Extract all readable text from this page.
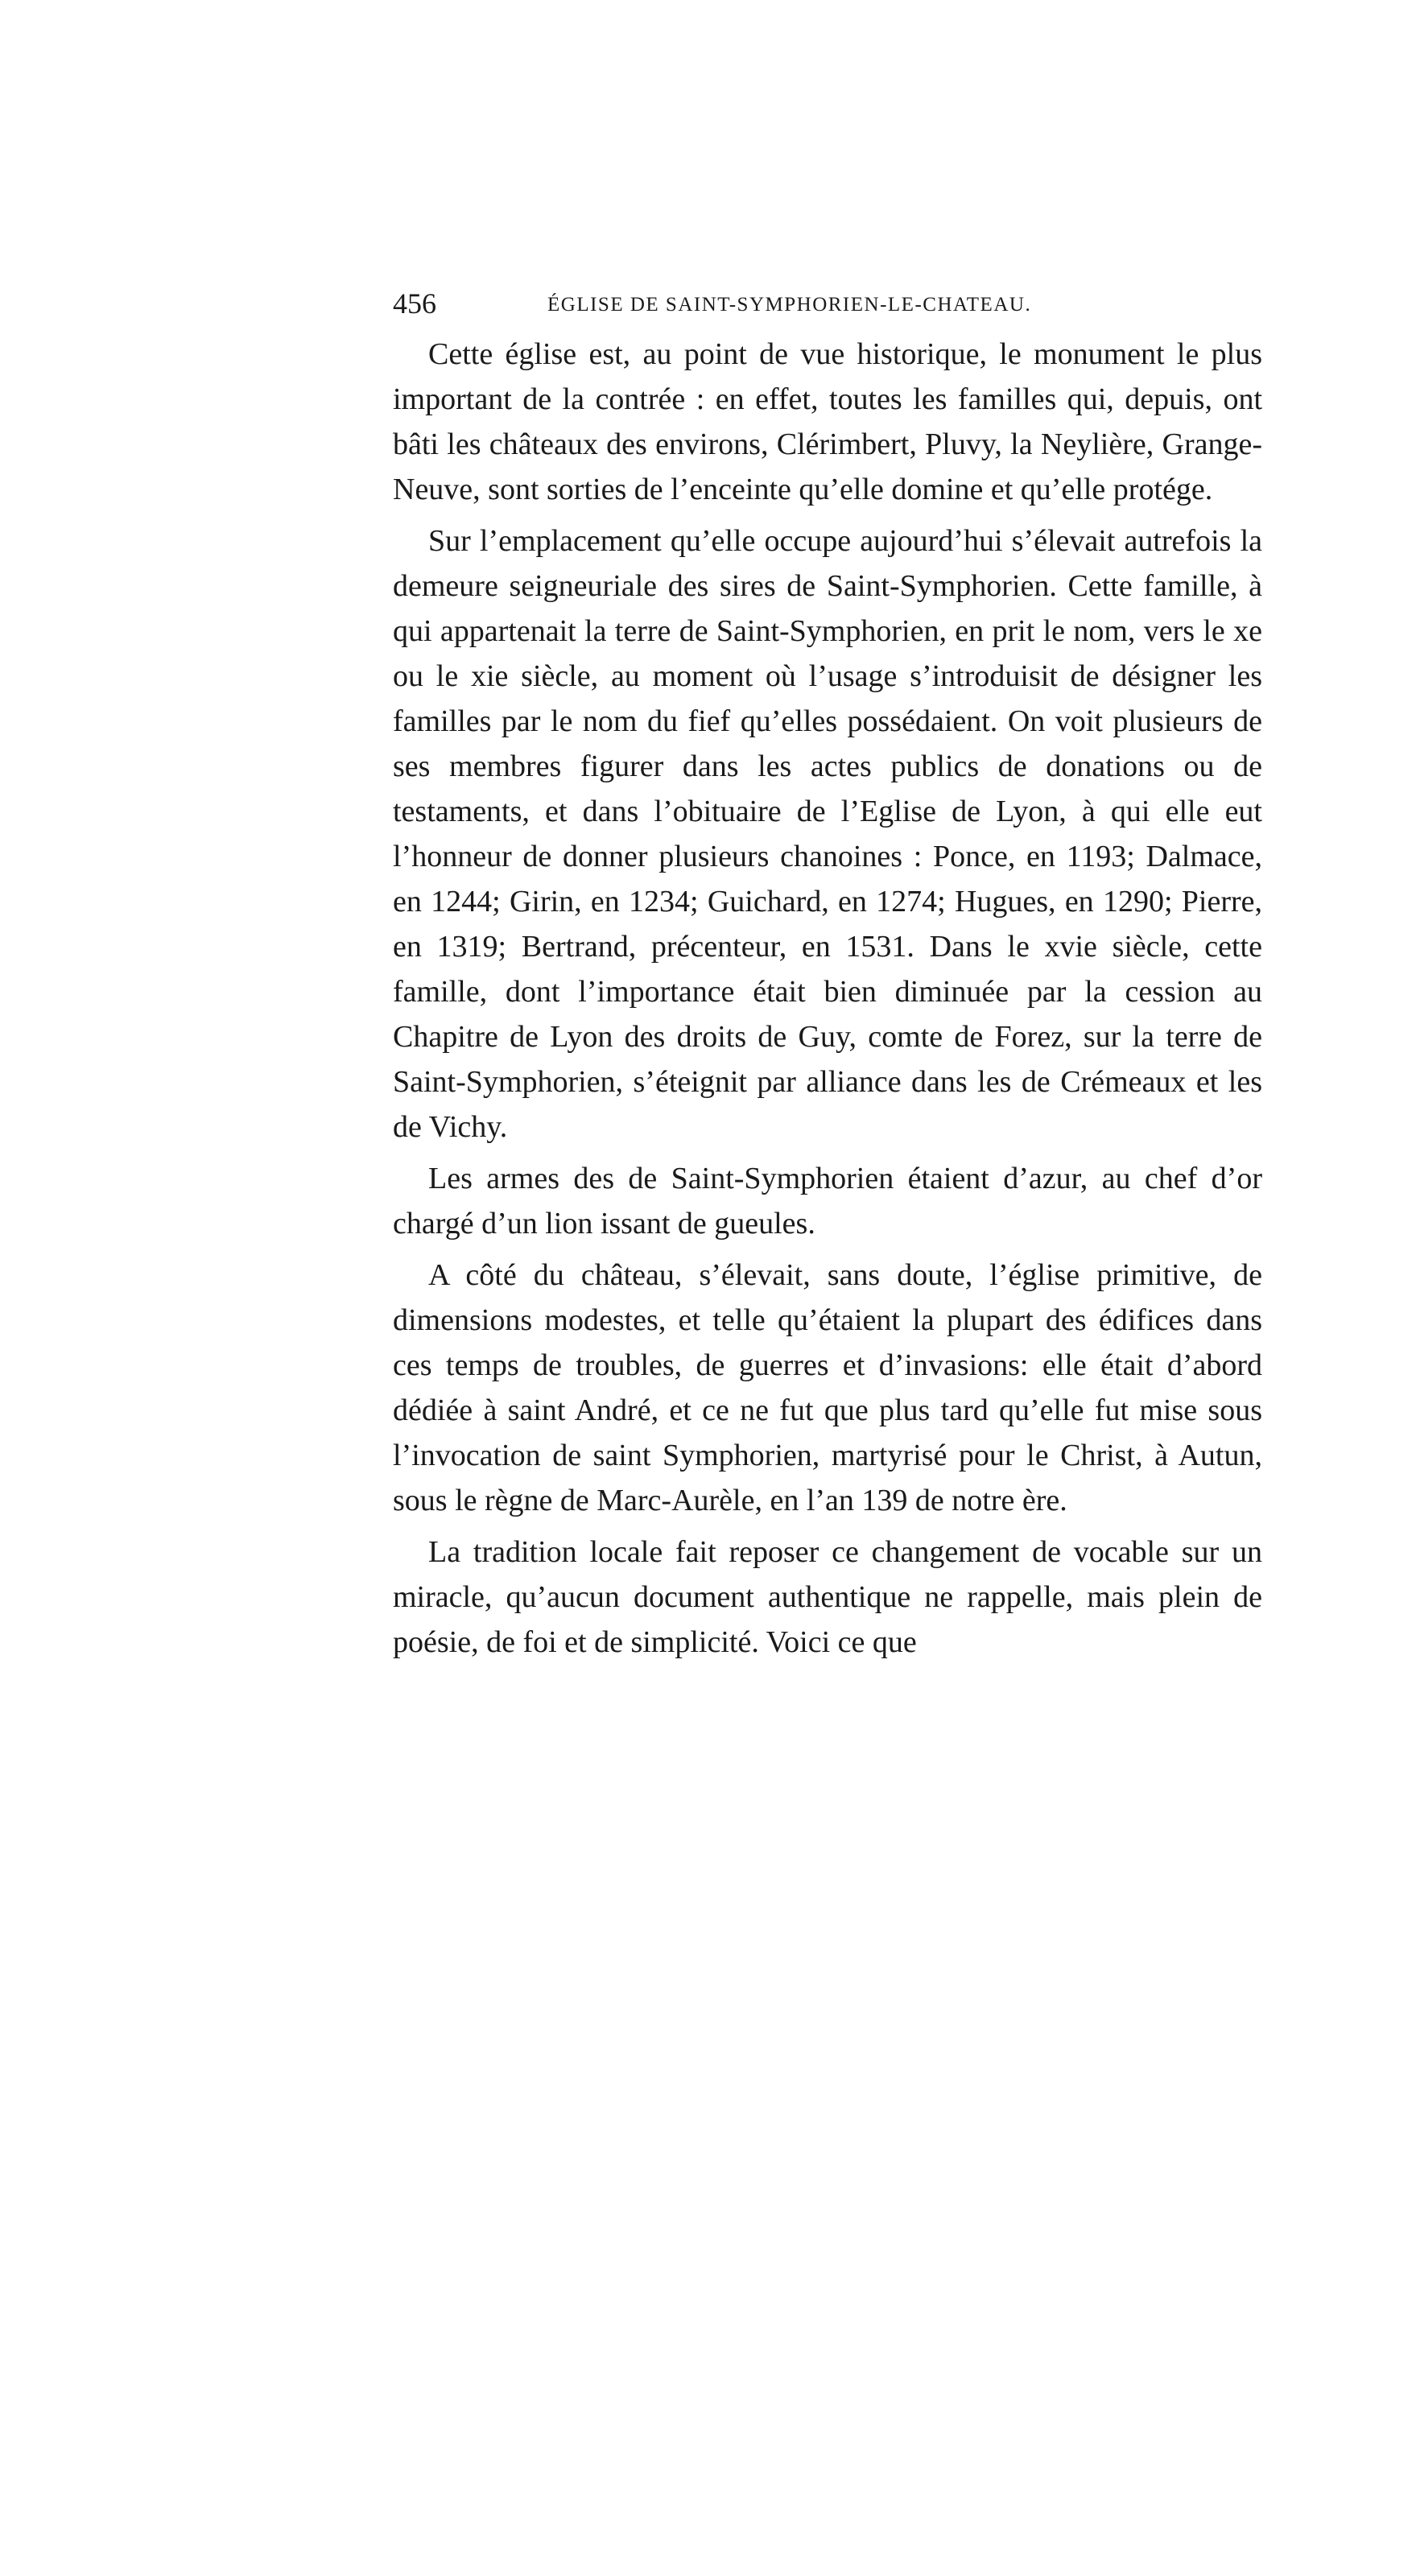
456	ÉGLISE DE SAINT-SYMPHORIEN-LE-CHATEAU.

Cette église est, au point de vue historique, le monument le plus important de la contrée : en effet, toutes les familles qui, depuis, ont bâti les châteaux des environs, Clérimbert, Pluvy, la Neylière, Grange-Neuve, sont sorties de l’enceinte qu’elle domine et qu’elle protége.

Sur l’emplacement qu’elle occupe aujourd’hui s’élevait autrefois la demeure seigneuriale des sires de Saint-Symphorien. Cette famille, à qui appartenait la terre de Saint-Symphorien, en prit le nom, vers le xe ou le xie siècle, au moment où l’usage s’introduisit de désigner les familles par le nom du fief qu’elles possédaient. On voit plusieurs de ses membres figurer dans les actes publics de donations ou de testaments, et dans l’obituaire de l’Eglise de Lyon, à qui elle eut l’honneur de donner plusieurs chanoines : Ponce, en 1193; Dalmace, en 1244; Girin, en 1234; Guichard, en 1274; Hugues, en 1290; Pierre, en 1319; Bertrand, précenteur, en 1531. Dans le xvie siècle, cette famille, dont l’importance était bien diminuée par la cession au Chapitre de Lyon des droits de Guy, comte de Forez, sur la terre de Saint-Symphorien, s’éteignit par alliance dans les de Crémeaux et les de Vichy.

Les armes des de Saint-Symphorien étaient d’azur, au chef d’or chargé d’un lion issant de gueules.

A côté du château, s’élevait, sans doute, l’église primitive, de dimensions modestes, et telle qu’étaient la plupart des édifices dans ces temps de troubles, de guerres et d’invasions: elle était d’abord dédiée à saint André, et ce ne fut que plus tard qu’elle fut mise sous l’invocation de saint Symphorien, martyrisé pour le Christ, à Autun, sous le règne de Marc-Aurèle, en l’an 139 de notre ère.

La tradition locale fait reposer ce changement de vocable sur un miracle, qu’aucun document authentique ne rappelle, mais plein de poésie, de foi et de simplicité. Voici ce que
